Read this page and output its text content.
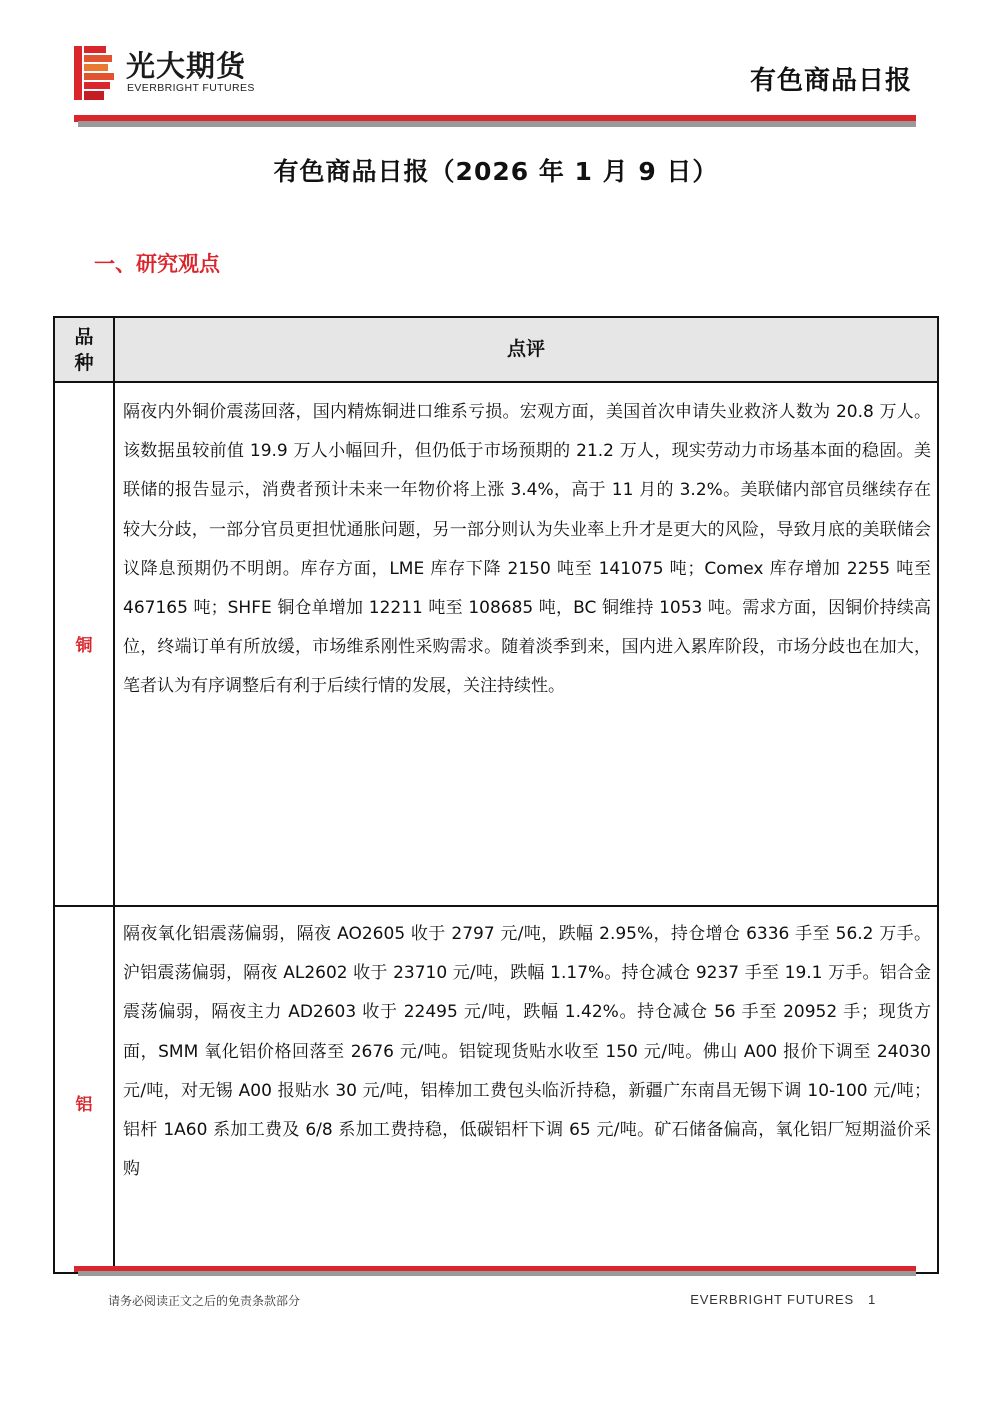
光大期货
EVERBRIGHT FUTURES	有色商品日报
有色商品日报（2026 年 1 月 9 日）
一、研究观点
品
种
点评
铜

隔夜内外铜价震荡回落，国内精炼铜进口维系亏损。宏观方面，美国首次申请失业救济人数为 20.8 万人。该数据虽较前值 19.9 万人小幅回升，但仍低于市场预期的 21.2 万人，现实劳动力市场基本面的稳固。美联储的报告显示，消费者预计未来一年物价将上涨 3.4%，高于 11 月的 3.2%。美联储内部官员继续存在较大分歧，一部分官员更担忧通胀问题，另一部分则认为失业率上升才是更大的风险，导致月底的美联储会议降息预期仍不明朗。库存方面，LME 库存下降 2150 吨至 141075 吨；Comex 库存增加 2255 吨至 467165 吨；SHFE 铜仓单增加 12211 吨至 108685 吨，BC 铜维持 1053 吨。需求方面，因铜价持续高位，终端订单有所放缓，市场维系刚性采购需求。随着淡季到来，国内进入累库阶段，市场分歧也在加大，笔者认为有序调整后有利于后续行情的发展，关注持续性。

铝

隔夜氧化铝震荡偏弱，隔夜 AO2605 收于 2797 元/吨，跌幅 2.95%，持仓增仓 6336 手至 56.2 万手。沪铝震荡偏弱，隔夜 AL2602 收于 23710 元/吨，跌幅 1.17%。持仓减仓 9237 手至 19.1 万手。铝合金震荡偏弱，隔夜主力 AD2603 收于 22495 元/吨，跌幅 1.42%。持仓减仓 56 手至 20952 手；现货方面，SMM 氧化铝价格回落至 2676 元/吨。铝锭现货贴水收至 150 元/吨。佛山 A00 报价下调至 24030 元/吨，对无锡 A00 报贴水 30 元/吨，铝棒加工费包头临沂持稳，新疆广东南昌无锡下调 10-100 元/吨；铝杆 1A60 系加工费及 6/8 系加工费持稳，低碳铝杆下调 65 元/吨。矿石储备偏高，氧化铝厂短期溢价采购

请务必阅读正文之后的免责条款部分	EVERBRIGHT FUTURES 1
